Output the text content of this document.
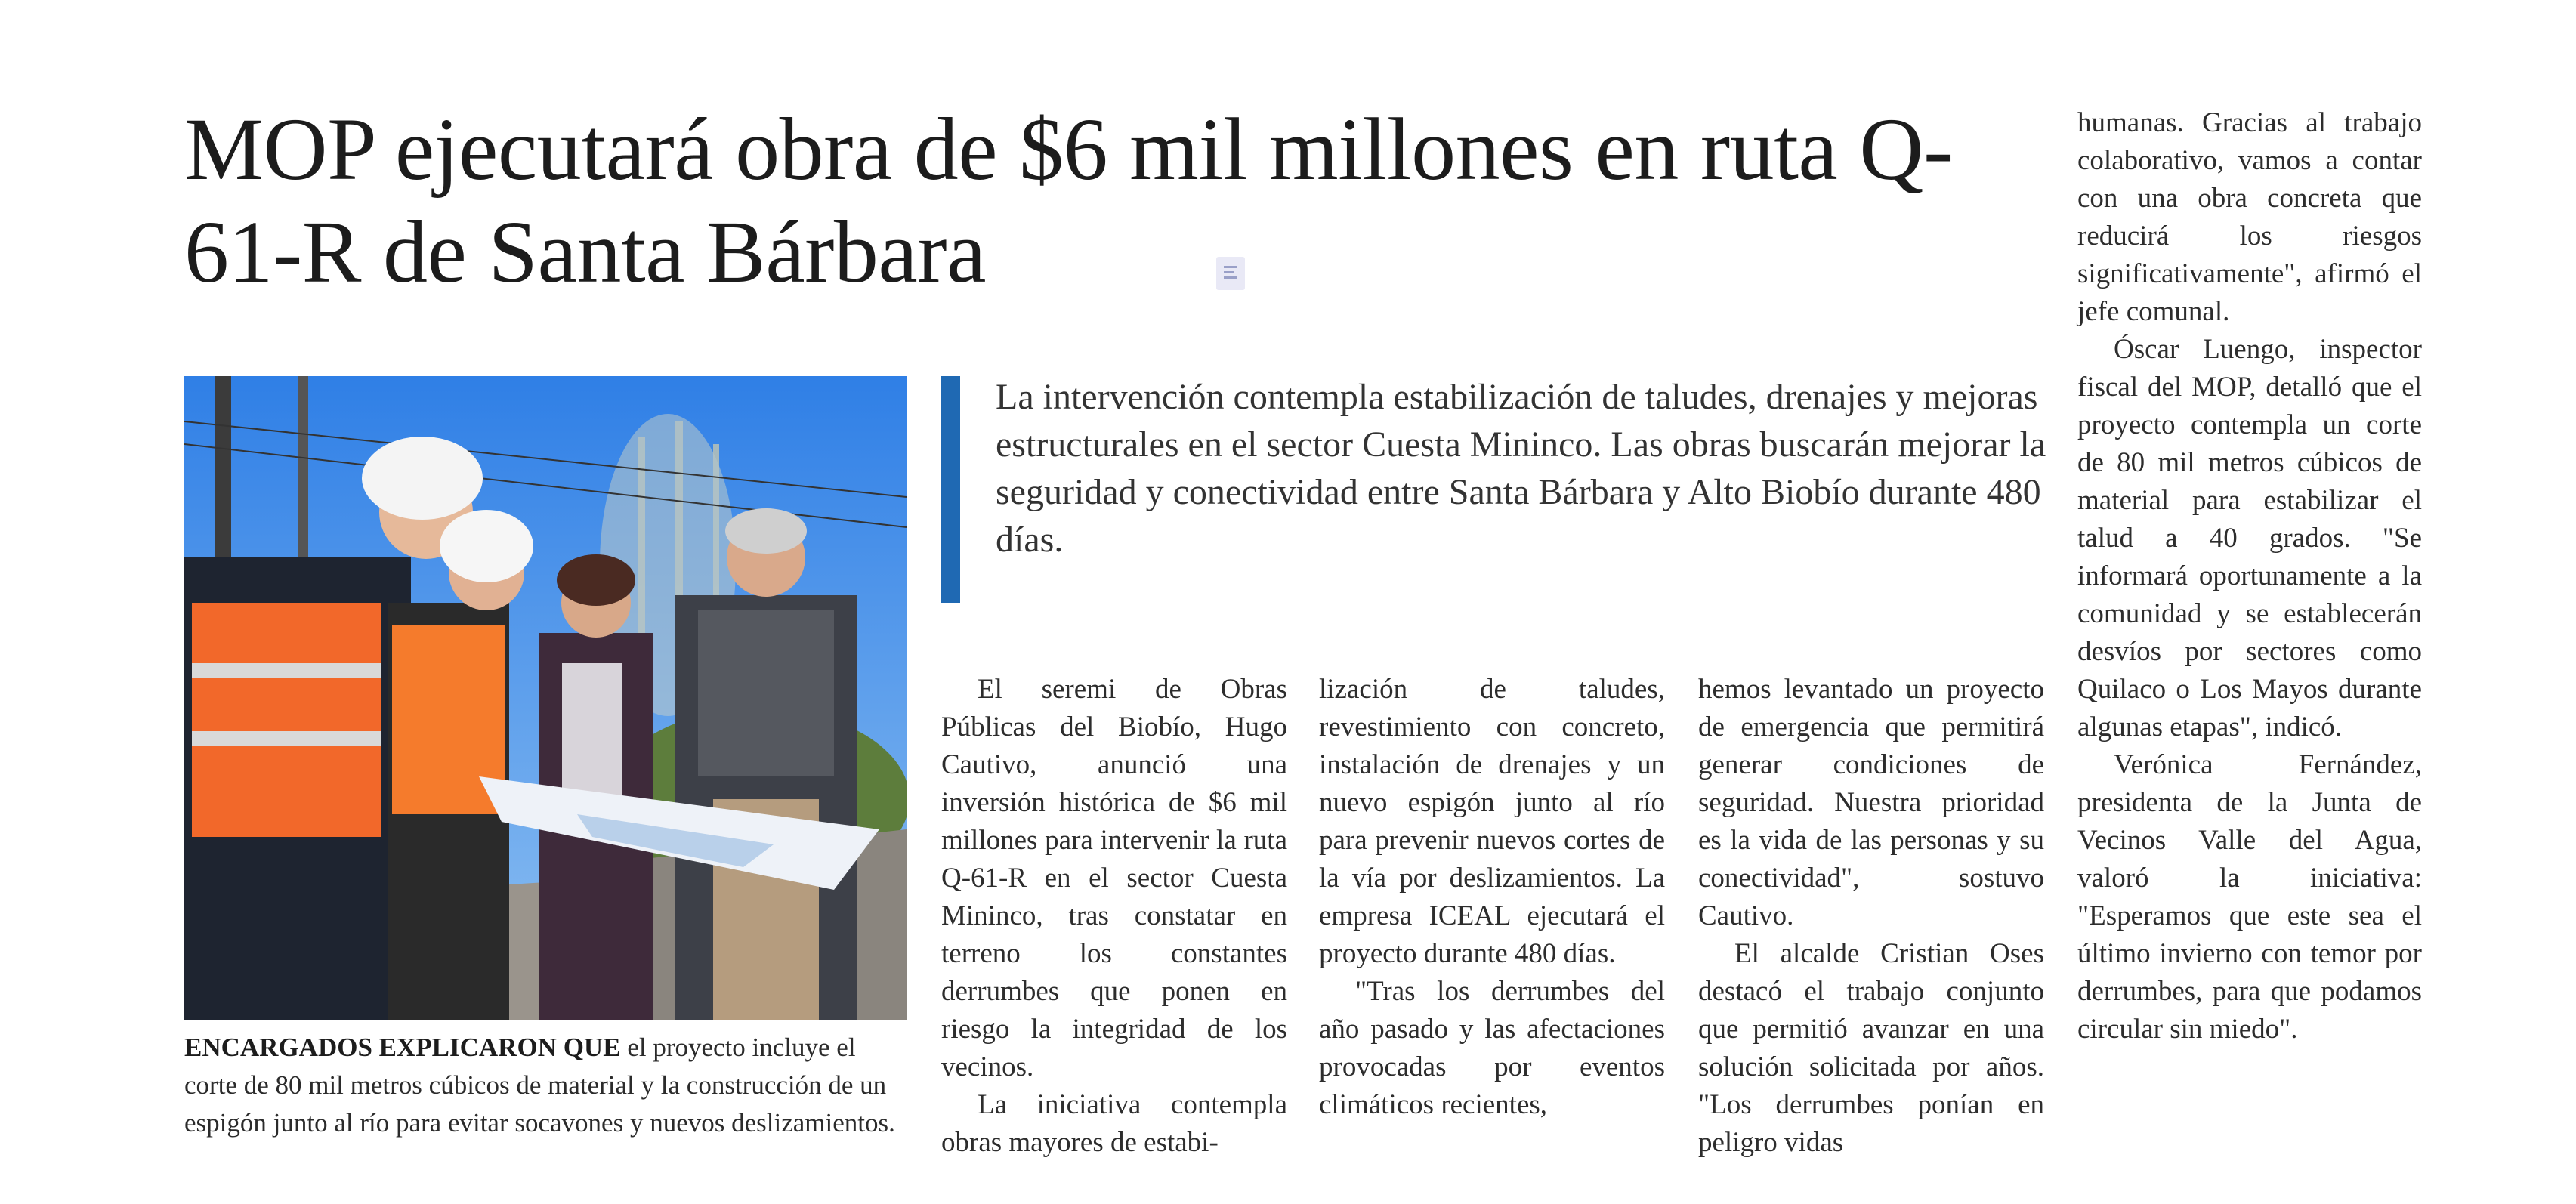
MOP ejecutará obra de $6 mil millones en ruta Q-61-R de Santa Bárbara

ENCARGADOS EXPLICARON QUE el proyecto incluye el corte de 80 mil metros cúbicos de material y la construcción de un espigón junto al río para evitar socavones y nuevos deslizamientos.

La intervención contempla estabilización de taludes, drenajes y mejoras estructurales en el sector Cuesta Mininco. Las obras buscarán mejorar la seguridad y conectividad entre Santa Bárbara y Alto Biobío durante 480 días.

El seremi de Obras Públicas del Biobío, Hugo Cautivo, anunció una inversión histórica de $6 mil millones para intervenir la ruta Q-61-R en el sector Cuesta Mininco, tras constatar en terreno los constantes derrumbes que ponen en riesgo la integridad de los vecinos.

La iniciativa contempla obras mayores de estabi-

lización de taludes, revestimiento con concreto, instalación de drenajes y un nuevo espigón junto al río para prevenir nuevos cortes de la vía por deslizamientos. La empresa ICEAL ejecutará el proyecto durante 480 días.

"Tras los derrumbes del año pasado y las afectaciones provocadas por eventos climáticos recientes,

hemos levantado un proyecto de emergencia que permitirá generar condiciones de seguridad. Nuestra prioridad es la vida de las personas y su conectividad", sostuvo Cautivo.

El alcalde Cristian Oses destacó el trabajo conjunto que permitió avanzar en una solución solicitada por años. "Los derrumbes ponían en peligro vidas

humanas. Gracias al trabajo colaborativo, vamos a contar con una obra concreta que reducirá los riesgos significativamente", afirmó el jefe comunal.

Óscar Luengo, inspector fiscal del MOP, detalló que el proyecto contempla un corte de 80 mil metros cúbicos de material para estabilizar el talud a 40 grados. "Se informará oportunamente a la comunidad y se establecerán desvíos por sectores como Quilaco o Los Mayos durante algunas etapas", indicó.

Verónica Fernández, presidenta de la Junta de Vecinos Valle del Agua, valoró la iniciativa: "Esperamos que este sea el último invierno con temor por derrumbes, para que podamos circular sin miedo".
